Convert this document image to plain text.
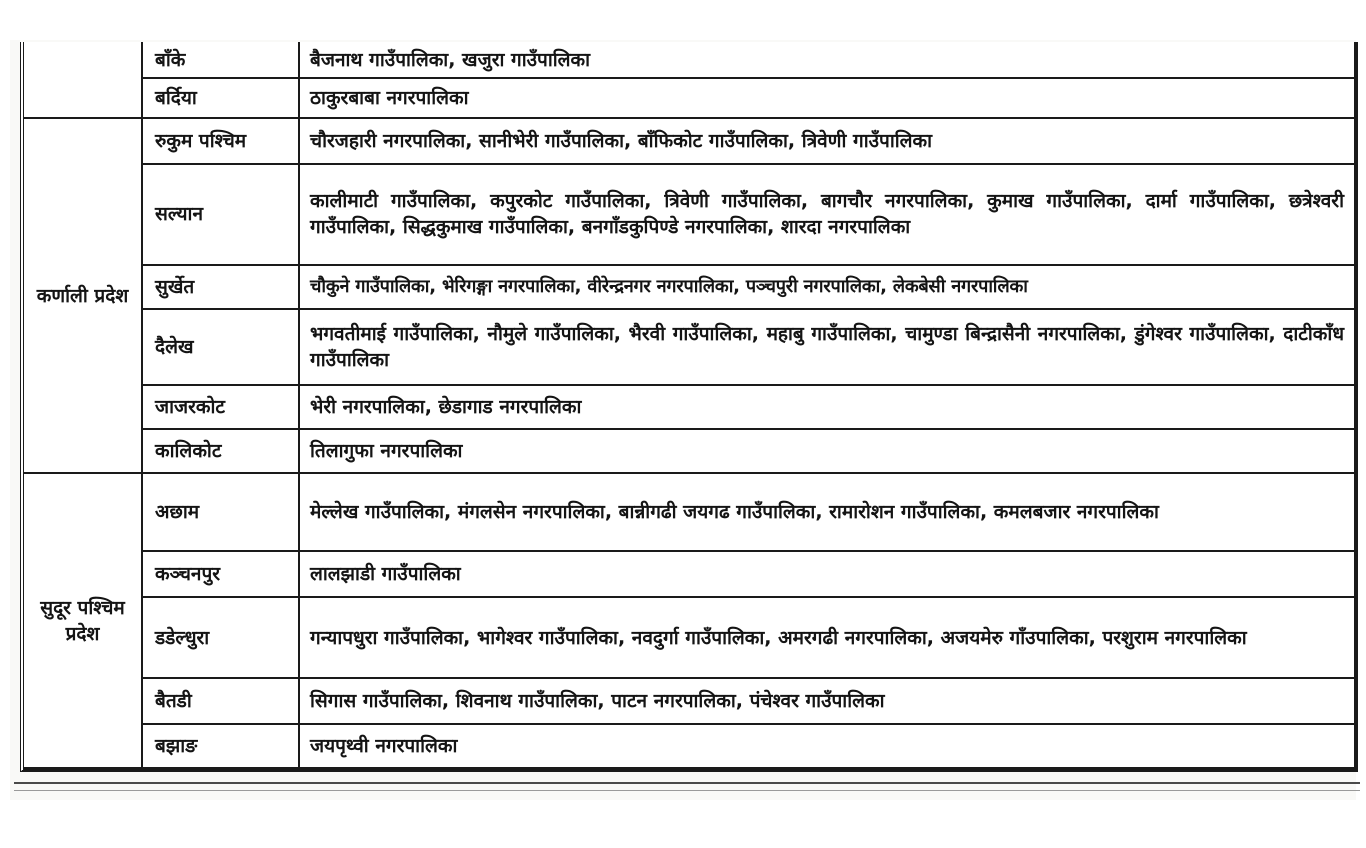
	बाँके	बैजनाथ गाउँपालिका, खजुरा गाउँपालिका
	बर्दिया	ठाकुरबाबा नगरपालिका
कर्णाली प्रदेश	रुकुम पश्चिम	चौरजहारी नगरपालिका, सानीभेरी गाउँपालिका, बाँफिकोट गाउँपालिका, त्रिवेणी गाउँपालिका
	सल्यान	कालीमाटी गाउँपालिका, कपुरकोट गाउँपालिका, त्रिवेणी गाउँपालिका, बागचौर नगरपालिका, कुमाख गाउँपालिका, दार्मा गाउँपालिका, छत्रेश्वरी गाउँपालिका, सिद्धकुमाख गाउँपालिका, बनगाँडकुपिण्डे नगरपालिका, शारदा नगरपालिका
	सुर्खेत	चौकुने गाउँपालिका, भेरिगङ्गा नगरपालिका, वीरेन्द्रनगर नगरपालिका, पञ्चपुरी नगरपालिका, लेकबेसी नगरपालिका
	दैलेख	भगवतीमाई गाउँपालिका, नौमुले गाउँपालिका, भैरवी गाउँपालिका, महाबु गाउँपालिका, चामुण्डा बिन्द्रासैनी नगरपालिका, डुंगेश्वर गाउँपालिका, दाटीकाँध गाउँपालिका
	जाजरकोट	भेरी नगरपालिका, छेडागाड नगरपालिका
	कालिकोट	तिलागुफा नगरपालिका
सुदूर पश्चिम प्रदेश	अछाम	मेल्लेख गाउँपालिका, मंगलसेन नगरपालिका, बान्नीगढी जयगढ गाउँपालिका, रामारोशन गाउँपालिका, कमलबजार नगरपालिका
	कञ्चनपुर	लालझाडी गाउँपालिका
	डडेल्धुरा	गन्यापधुरा गाउँपालिका, भागेश्वर गाउँपालिका, नवदुर्गा गाउँपालिका, अमरगढी नगरपालिका, अजयमेरु गाँउपालिका, परशुराम नगरपालिका
	बैतडी	सिगास गाउँपालिका, शिवनाथ गाउँपालिका, पाटन नगरपालिका, पंचेश्वर गाउँपालिका
	बझाङ	जयपृथ्वी नगरपालिका
